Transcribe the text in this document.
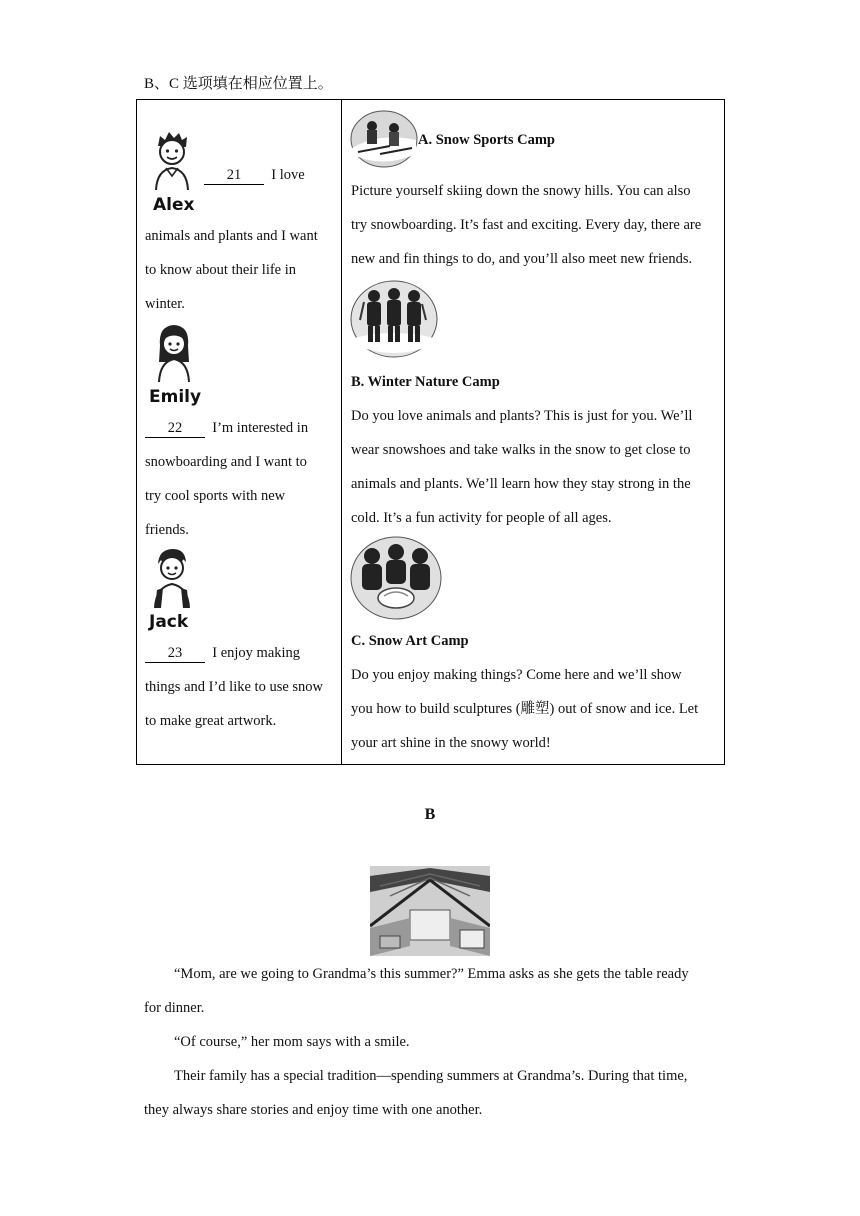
B、C 选项填在相应位置上。
Alex
21 I love
animals and plants and I want
to know about their life in
winter.
Emily
22 I’m interested in
snowboarding and I want to
try cool sports with new
friends.
Jack
23 I enjoy making
things and I’d like to use snow
to make great artwork.

A. Snow Sports Camp
Picture yourself skiing down the snowy hills. You can also
try snowboarding. It’s fast and exciting. Every day, there are
new and fin things to do, and you’ll also meet new friends.
B. Winter Nature Camp
Do you love animals and plants? This is just for you. We’ll
wear snowshoes and take walks in the snow to get close to
animals and plants. We’ll learn how they stay strong in the
cold. It’s a fun activity for people of all ages.
C. Snow Art Camp
Do you enjoy making things? Come here and we’ll show
you how to build sculptures (雕塑) out of snow and ice. Let
your art shine in the snowy world!
B
“Mom, are we going to Grandma’s this summer?” Emma asks as she gets the table ready
for dinner.
“Of course,” her mom says with a smile.
Their family has a special tradition—spending summers at Grandma’s. During that time,
they always share stories and enjoy time with one another.
